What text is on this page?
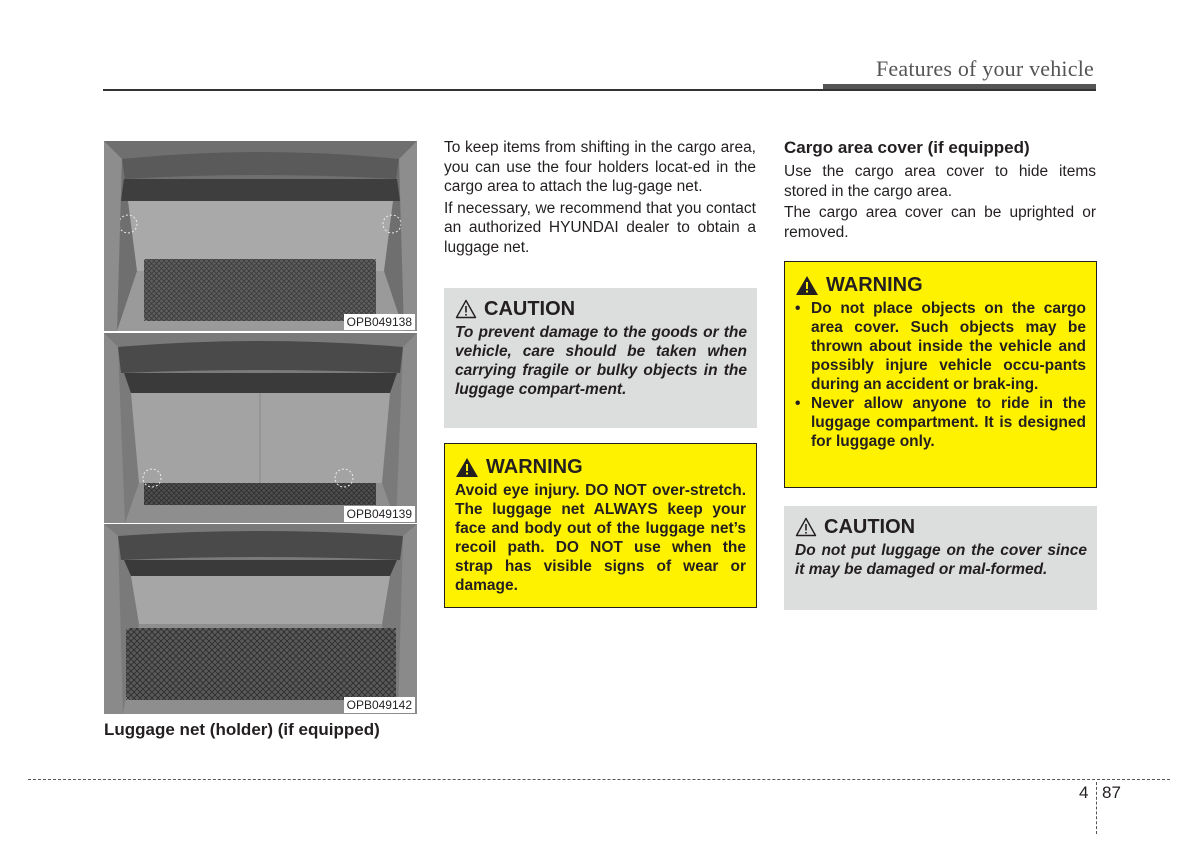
Features of your vehicle
OPB049138
OPB049139
OPB049142
Luggage net (holder) (if equipped)

To keep items from shifting in the cargo area, you can use the four holders locat-ed in the cargo area to attach the lug-gage net.

If necessary, we recommend that you contact an authorized HYUNDAI dealer to obtain a luggage net.

CAUTION

To prevent damage to the goods or the vehicle, care should be taken when carrying fragile or bulky objects in the luggage compart-ment.

WARNING

Avoid eye injury. DO NOT over-stretch. The luggage net ALWAYS keep your face and body out of the luggage net’s recoil path. DO NOT use when the strap has visible signs of wear or damage.

Cargo area cover (if equipped)

Use the cargo area cover to hide items stored in the cargo area.

The cargo area cover can be uprighted or removed.

WARNING
• Do not place objects on the cargo area cover. Such objects may be thrown about inside the vehicle and possibly injure vehicle occu-pants during an accident or brak-ing.
• Never allow anyone to ride in the luggage compartment. It is designed for luggage only.
CAUTION

Do not put luggage on the cover since it may be damaged or mal-formed.

4 87
